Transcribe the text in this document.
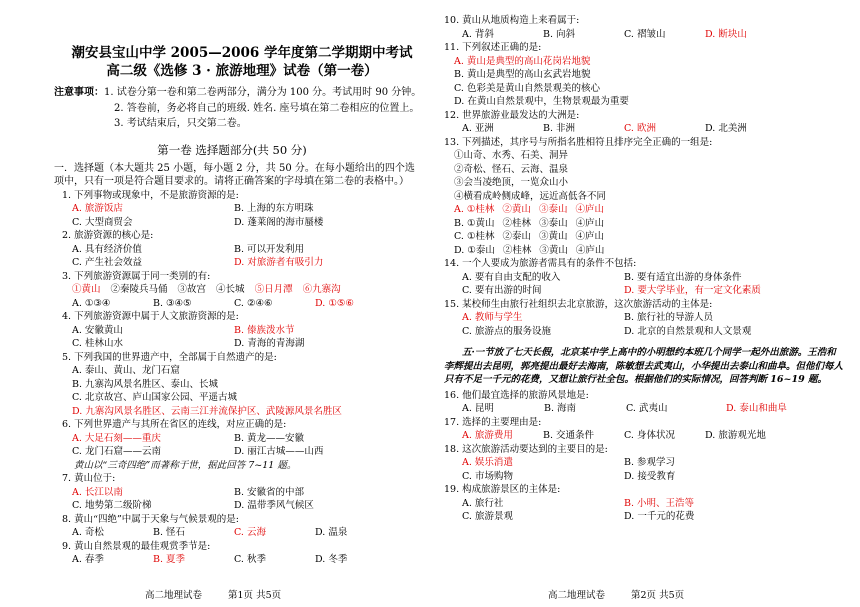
潮安县宝山中学 2005—2006 学年度第二学期期中考试
高二级《选修 3 · 旅游地理》试卷（第一卷）
注意事项：1. 试卷分第一卷和第二卷两部分，满分为 100 分。考试用时 90 分钟。
2. 答卷前，务必将自己的班级. 姓名. 座号填在第二卷相应的位置上。
3. 考试结束后，只交第二卷。
第一卷 选择题部分(共 50 分)
一．选择题（本大题共 25 小题，每小题 2 分，共 50 分。在每小题给出的四个选项中，只有一项是符合题目要求的。请将正确答案的字母填在第二卷的表格中。）
1. 下列事物或现象中，不是旅游资源的是:
A. 旅游饭店	B. 上海的东方明珠
C. 大型商贸会	D. 蓬莱阁的海市蜃楼
2. 旅游资源的核心是:
A. 具有经济价值	B. 可以开发利用
C. 产生社会效益	D. 对旅游者有吸引力
3. 下列旅游资源属于同一类别的有:
①黄山 ②秦陵兵马俑 ③故宫 ④长城 ⑤日月潭 ⑥九寨沟
A. ①③④	B. ③④⑤	C. ②④⑥	D. ①⑤⑥
4. 下列旅游资源中属于人文旅游资源的是:
A. 安徽黄山	B. 傣族泼水节
C. 桂林山水	D. 青海的青海湖
5. 下列我国的世界遗产中，全部属于自然遗产的是:
A. 泰山、黄山、龙门石窟
B. 九寨沟风景名胜区、泰山、长城
C. 北京故宫、庐山国家公园、平遥古城
D. 九寨沟风景名胜区、云南三江并流保护区、武陵源风景名胜区
6. 下列世界遗产与其所在省区的连线，对应正确的是:
A. 大足石刻——重庆	B. 黄龙——安徽
C. 龙门石窟——云南	D. 丽江古城——山西
黄山以“三奇四绝”而著称于世，据此回答 7~11 题。
7. 黄山位于:
A. 长江以南	B. 安徽省的中部
C. 地势第二级阶梯	D. 温带季风气候区
8. 黄山“四绝”中属于天象与气候景观的是:
A. 奇松	B. 怪石	C. 云海	D. 温泉
9. 黄山自然景观的最佳观赏季节是:
A. 春季	B. 夏季	C. 秋季	D. 冬季
10. 黄山从地质构造上来看属于:
A. 背斜	B. 向斜	C. 褶皱山	D. 断块山
11. 下列叙述正确的是:
A. 黄山是典型的高山花岗岩地貌
B. 黄山是典型的高山玄武岩地貌
C. 色彩美是黄山自然景观美的核心
D. 在黄山自然景观中，生物景观最为重要
12. 世界旅游业最发达的大洲是:
A. 亚洲	B. 非洲	C. 欧洲	D. 北美洲
13. 下列描述，其序号与所指名胜相符且排序完全正确的一组是:
①山奇、水秀、石美、洞异
②奇松、怪石、云海、温泉
③会当凌绝顶，一览众山小
④横看成岭侧成峰，远近高低各不同
A. ①桂林 ②黄山 ③泰山 ④庐山
B. ①黄山 ②桂林 ③泰山 ④庐山
C. ①桂林 ②泰山 ③黄山 ④庐山
D. ①泰山 ②桂林 ③黄山 ④庐山
14. 一个人要成为旅游者需具有的条件不包括:
A. 要有自由支配的收入	B. 要有适宜出游的身体条件
C. 要有出游的时间	D. 要大学毕业，有一定文化素质
15. 某校师生由旅行社组织去北京旅游，这次旅游活动的主体是:
A. 教师与学生	B. 旅行社的导游人员
C. 旅游点的服务设施	D. 北京的自然景观和人文景观
五·一节放了七天长假，北京某中学上高中的小明想约本班几个同学一起外出旅游。王浩和李辉提出去昆明，郭亮提出最好去海南，陈敏想去武夷山，小华提出去泰山和曲阜。但他们每人只有不足一千元的花费，又想让旅行社全包。根据他们的实际情况，回答判断 16~19 题。
16. 他们最宜选择的旅游风景地是:
A. 昆明	B. 海南	C. 武夷山	D. 泰山和曲阜
17. 选择的主要理由是:
A. 旅游费用	B. 交通条件	C. 身体状况	D. 旅游观光地
18. 这次旅游活动要达到的主要目的是:
A. 娱乐消遣	B. 参观学习
C. 市场购物	D. 接受教育
19. 构成旅游景区的主体是:
A. 旅行社	B. 小明、王浩等
C. 旅游景观	D. 一千元的花费
高二地理试卷	第1页 共5页	高二地理试卷	第2页 共5页
